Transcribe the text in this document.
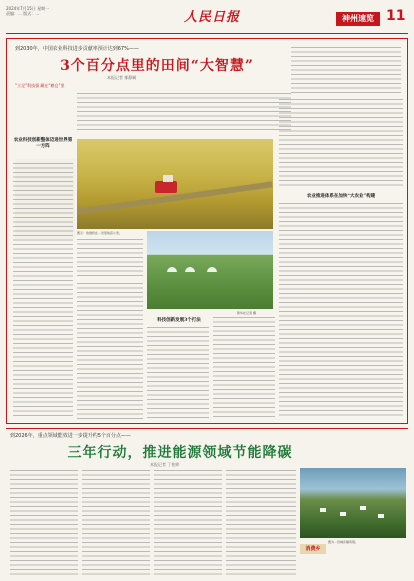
2024年7月15日 星期一
责编：… 版式：…	人民日报	神州速览 11
到2030年，中国农业科技进步贡献率预计达到67%——
3个百分点里的田间“大智慧”
本报记者 郁静娴
“立足”科技强 藏在“粮仓”里
农业科技创新整体迈进世界第一方阵
图①：收割机在…田里收获小麦。
新华社记者 摄
农业推进体系在加快“大农业”构建
科技创新发展3个打法
到2026年，重点领域能效进一步提升约5个百分点——
三年行动，推进能源领域节能降碳
本报记者 丁怡婷
消费乡
图为…县城乡镇风貌。
